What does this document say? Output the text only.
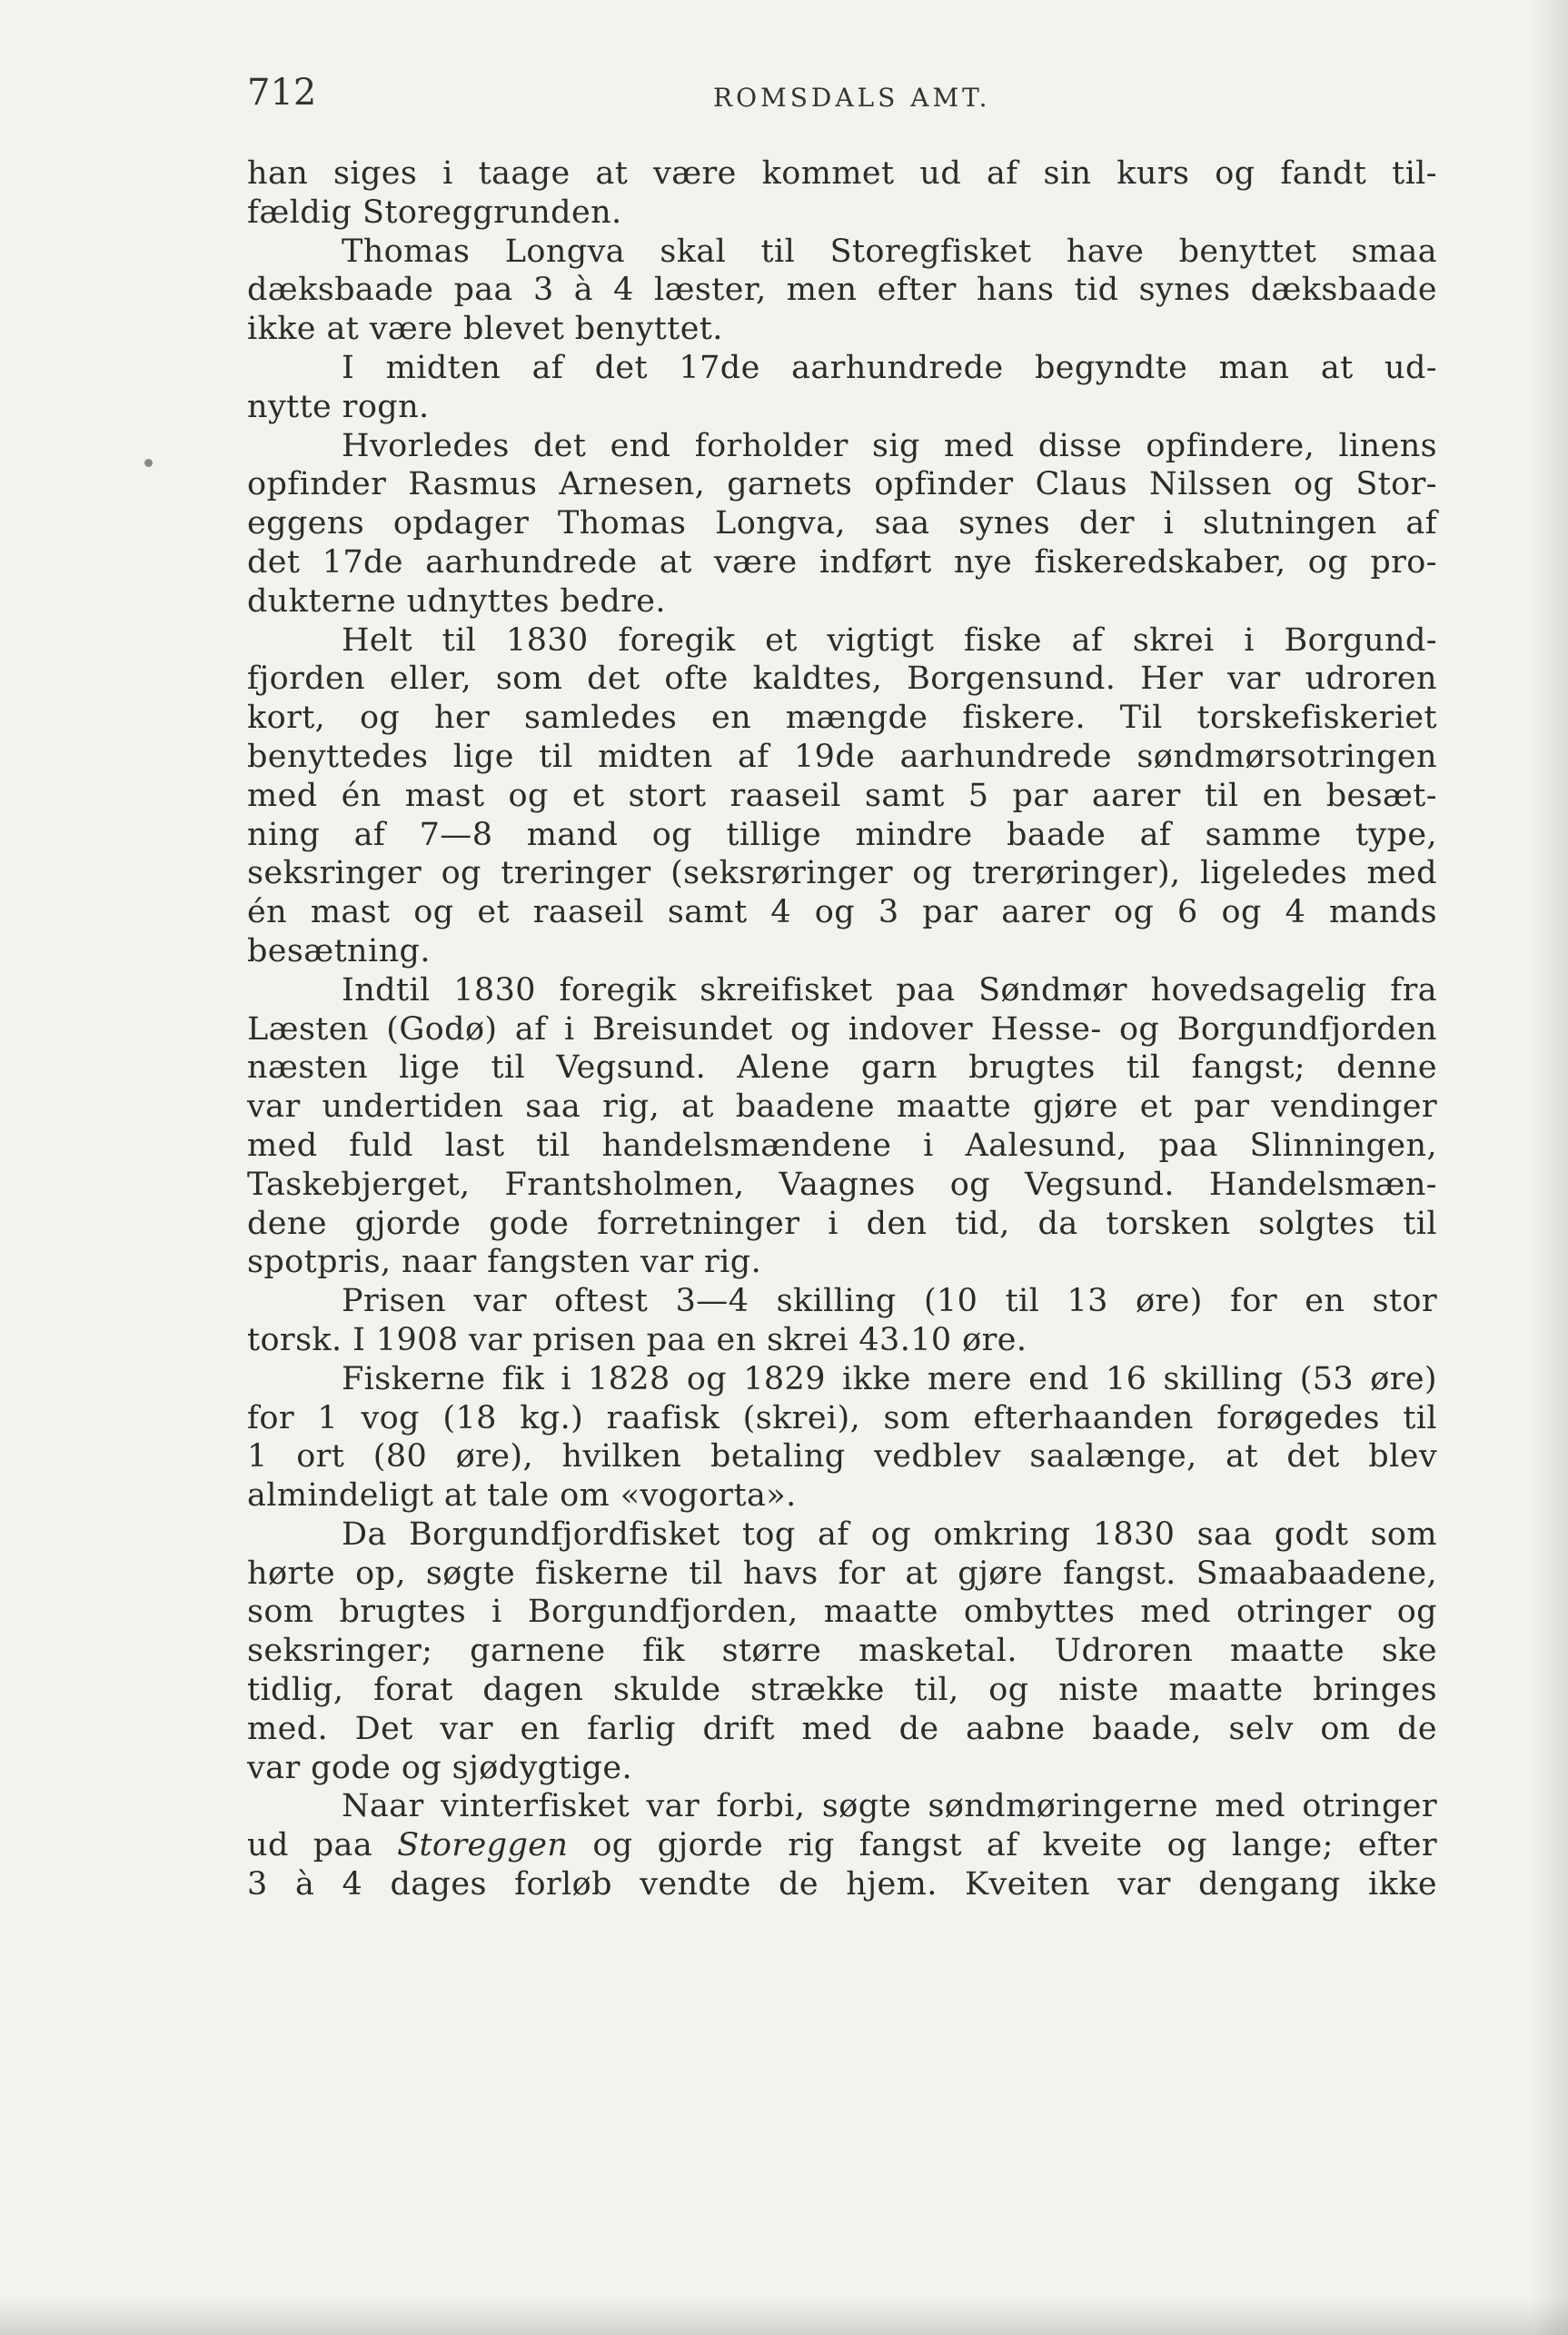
712	ROMSDALS AMT.
han siges i taage at være kommet ud af sin kurs og fandt til-
fældig Storeggrunden.
Thomas Longva skal til Storegfisket have benyttet smaa
dæksbaade paa 3 à 4 læster, men efter hans tid synes dæksbaade
ikke at være blevet benyttet.
I midten af det 17de aarhundrede begyndte man at ud-
nytte rogn.
Hvorledes det end forholder sig med disse opfindere, linens
opfinder Rasmus Arnesen, garnets opfinder Claus Nilssen og Stor-
eggens opdager Thomas Longva, saa synes der i slutningen af
det 17de aarhundrede at være indført nye fiskeredskaber, og pro-
dukterne udnyttes bedre.
Helt til 1830 foregik et vigtigt fiske af skrei i Borgund-
fjorden eller, som det ofte kaldtes, Borgensund. Her var udroren
kort, og her samledes en mængde fiskere. Til torskefiskeriet
benyttedes lige til midten af 19de aarhundrede søndmørsotringen
med én mast og et stort raaseil samt 5 par aarer til en besæt-
ning af 7—8 mand og tillige mindre baade af samme type,
seksringer og treringer (seksrøringer og trerøringer), ligeledes med
én mast og et raaseil samt 4 og 3 par aarer og 6 og 4 mands
besætning.
Indtil 1830 foregik skreifisket paa Søndmør hovedsagelig fra
Læsten (Godø) af i Breisundet og indover Hesse- og Borgundfjorden
næsten lige til Vegsund. Alene garn brugtes til fangst; denne
var undertiden saa rig, at baadene maatte gjøre et par vendinger
med fuld last til handelsmændene i Aalesund, paa Slinningen,
Taskebjerget, Frantsholmen, Vaagnes og Vegsund. Handelsmæn-
dene gjorde gode forretninger i den tid, da torsken solgtes til
spotpris, naar fangsten var rig.
Prisen var oftest 3—4 skilling (10 til 13 øre) for en stor
torsk. I 1908 var prisen paa en skrei 43.10 øre.
Fiskerne fik i 1828 og 1829 ikke mere end 16 skilling (53 øre)
for 1 vog (18 kg.) raafisk (skrei), som efterhaanden forøgedes til
1 ort (80 øre), hvilken betaling vedblev saalænge, at det blev
almindeligt at tale om «vogorta».
Da Borgundfjordfisket tog af og omkring 1830 saa godt som
hørte op, søgte fiskerne til havs for at gjøre fangst. Smaabaadene,
som brugtes i Borgundfjorden, maatte ombyttes med otringer og
seksringer; garnene fik større masketal. Udroren maatte ske
tidlig, forat dagen skulde strække til, og niste maatte bringes
med. Det var en farlig drift med de aabne baade, selv om de
var gode og sjødygtige.
Naar vinterfisket var forbi, søgte søndmøringerne med otringer
ud paa Storeggen og gjorde rig fangst af kveite og lange; efter
3 à 4 dages forløb vendte de hjem. Kveiten var dengang ikke
